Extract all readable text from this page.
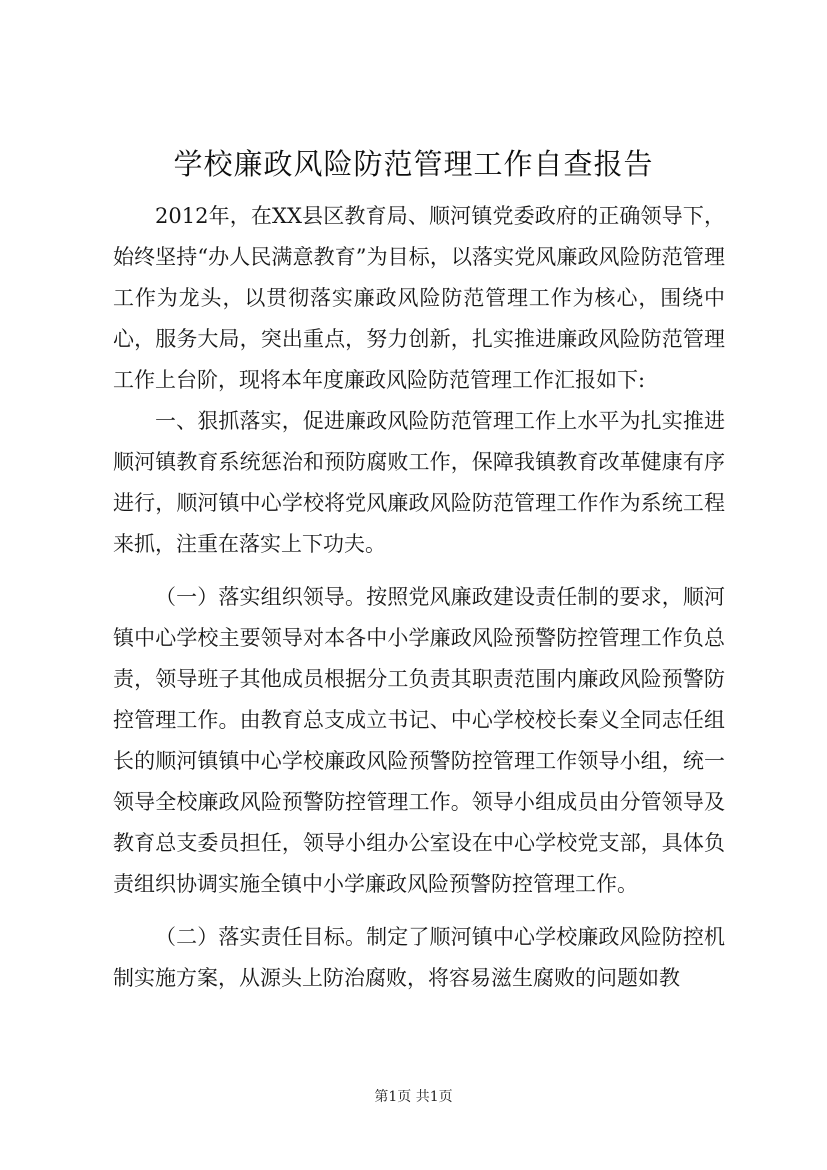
学校廉政风险防范管理工作自查报告

2012年，在XX县区教育局、顺河镇党委政府的正确领导下，始终坚持“办人民满意教育”为目标，以落实党风廉政风险防范管理工作为龙头，以贯彻落实廉政风险防范管理工作为核心，围绕中心，服务大局，突出重点，努力创新，扎实推进廉政风险防范管理工作上台阶，现将本年度廉政风险防范管理工作汇报如下:

一、狠抓落实，促进廉政风险防范管理工作上水平为扎实推进顺河镇教育系统惩治和预防腐败工作，保障我镇教育改革健康有序进行，顺河镇中心学校将党风廉政风险防范管理工作作为系统工程来抓，注重在落实上下功夫。

（一）落实组织领导。按照党风廉政建设责任制的要求，顺河镇中心学校主要领导对本各中小学廉政风险预警防控管理工作负总责，领导班子其他成员根据分工负责其职责范围内廉政风险预警防控管理工作。由教育总支成立书记、中心学校校长秦义全同志任组长的顺河镇镇中心学校廉政风险预警防控管理工作领导小组，统一领导全校廉政风险预警防控管理工作。领导小组成员由分管领导及教育总支委员担任，领导小组办公室设在中心学校党支部，具体负责组织协调实施全镇中小学廉政风险预警防控管理工作。

（二）落实责任目标。制定了顺河镇中心学校廉政风险防控机制实施方案，从源头上防治腐败，将容易滋生腐败的问题如教

第1页 共1页
